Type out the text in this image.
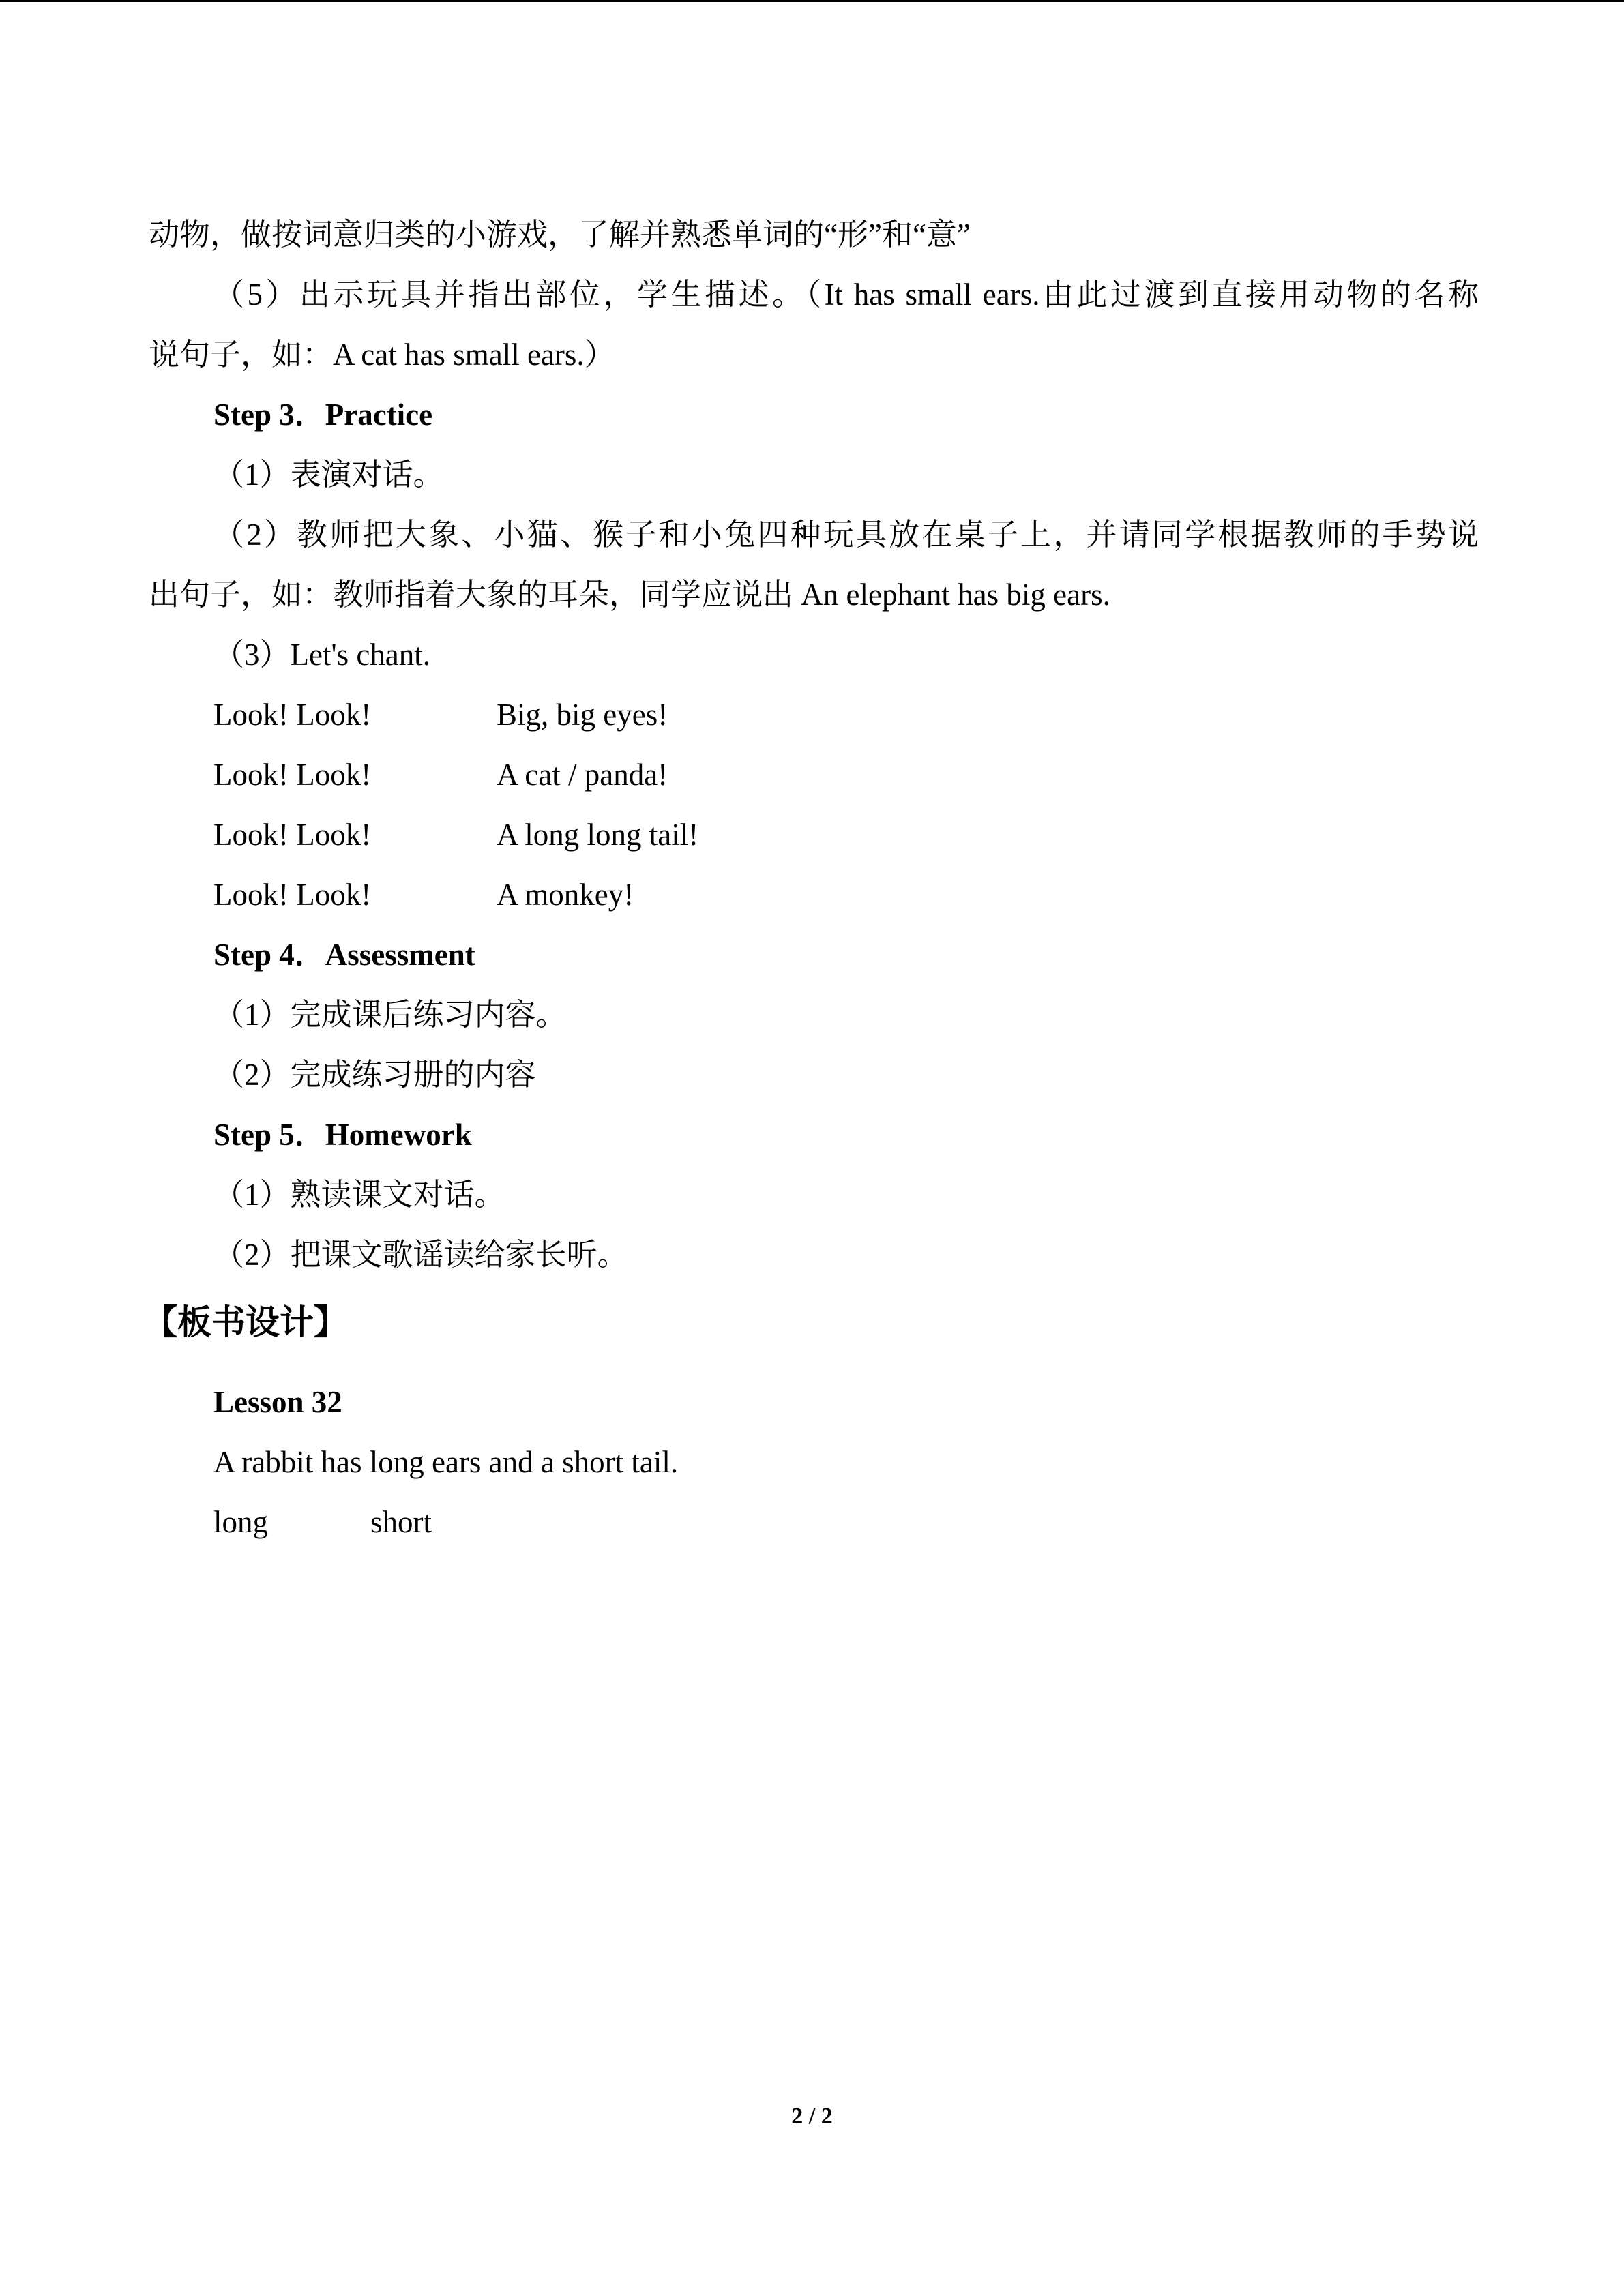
动物，做按词意归类的小游戏，了解并熟悉单词的“形”和“意”
（5）出示玩具并指出部位，学生描述。（It has small ears.由此过渡到直接用动物的名称
说句子，如：A cat has small ears.）
Step 3．Practice
（1）表演对话。
（2）教师把大象、小猫、猴子和小兔四种玩具放在桌子上，并请同学根据教师的手势说
出句子，如：教师指着大象的耳朵，同学应说出 An elephant has big ears.
（3）Let's chant.
Look! Look!	Big, big eyes!
Look! Look!	A cat / panda!
Look! Look!	A long long tail!
Look! Look!	A monkey!
Step 4．Assessment
（1）完成课后练习内容。
（2）完成练习册的内容
Step 5．Homework
（1）熟读课文对话。
（2）把课文歌谣读给家长听。
【板书设计】
Lesson 32
A rabbit has long ears and a short tail.
long	short
2 / 2
